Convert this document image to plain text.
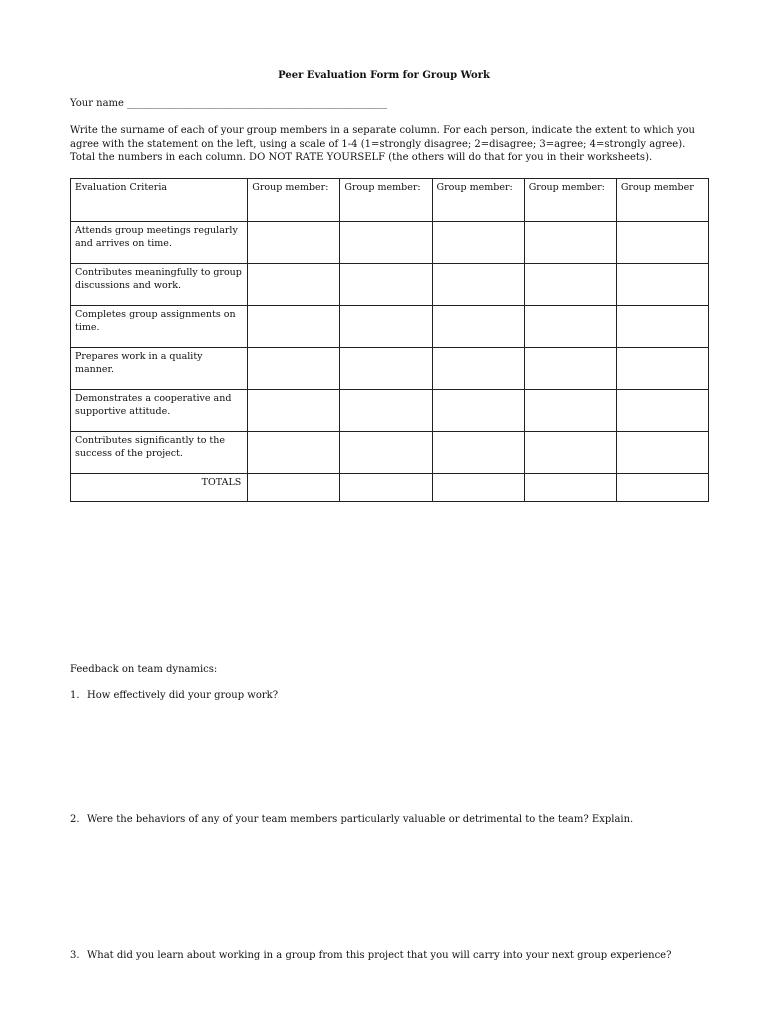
Peer Evaluation Form for Group Work
Your name ____________________________________________________
Write the surname of each of your group members in a separate column. For each person, indicate the extent to which you agree with the statement on the left, using a scale of 1-4 (1=strongly disagree; 2=disagree; 3=agree; 4=strongly agree). Total the numbers in each column. DO NOT RATE YOURSELF (the others will do that for you in their worksheets).
Evaluation Criteria	Group member:	Group member:	Group member:	Group member:	Group member
Attends group meetings regularly and arrives on time.					
Contributes meaningfully to group discussions and work.					
Completes group assignments on time.					
Prepares work in a quality manner.					
Demonstrates a cooperative and supportive attitude.					
Contributes significantly to the success of the project.					
TOTALS					
Feedback on team dynamics:
1. How effectively did your group work?
2. Were the behaviors of any of your team members particularly valuable or detrimental to the team? Explain.
3. What did you learn about working in a group from this project that you will carry into your next group experience?
